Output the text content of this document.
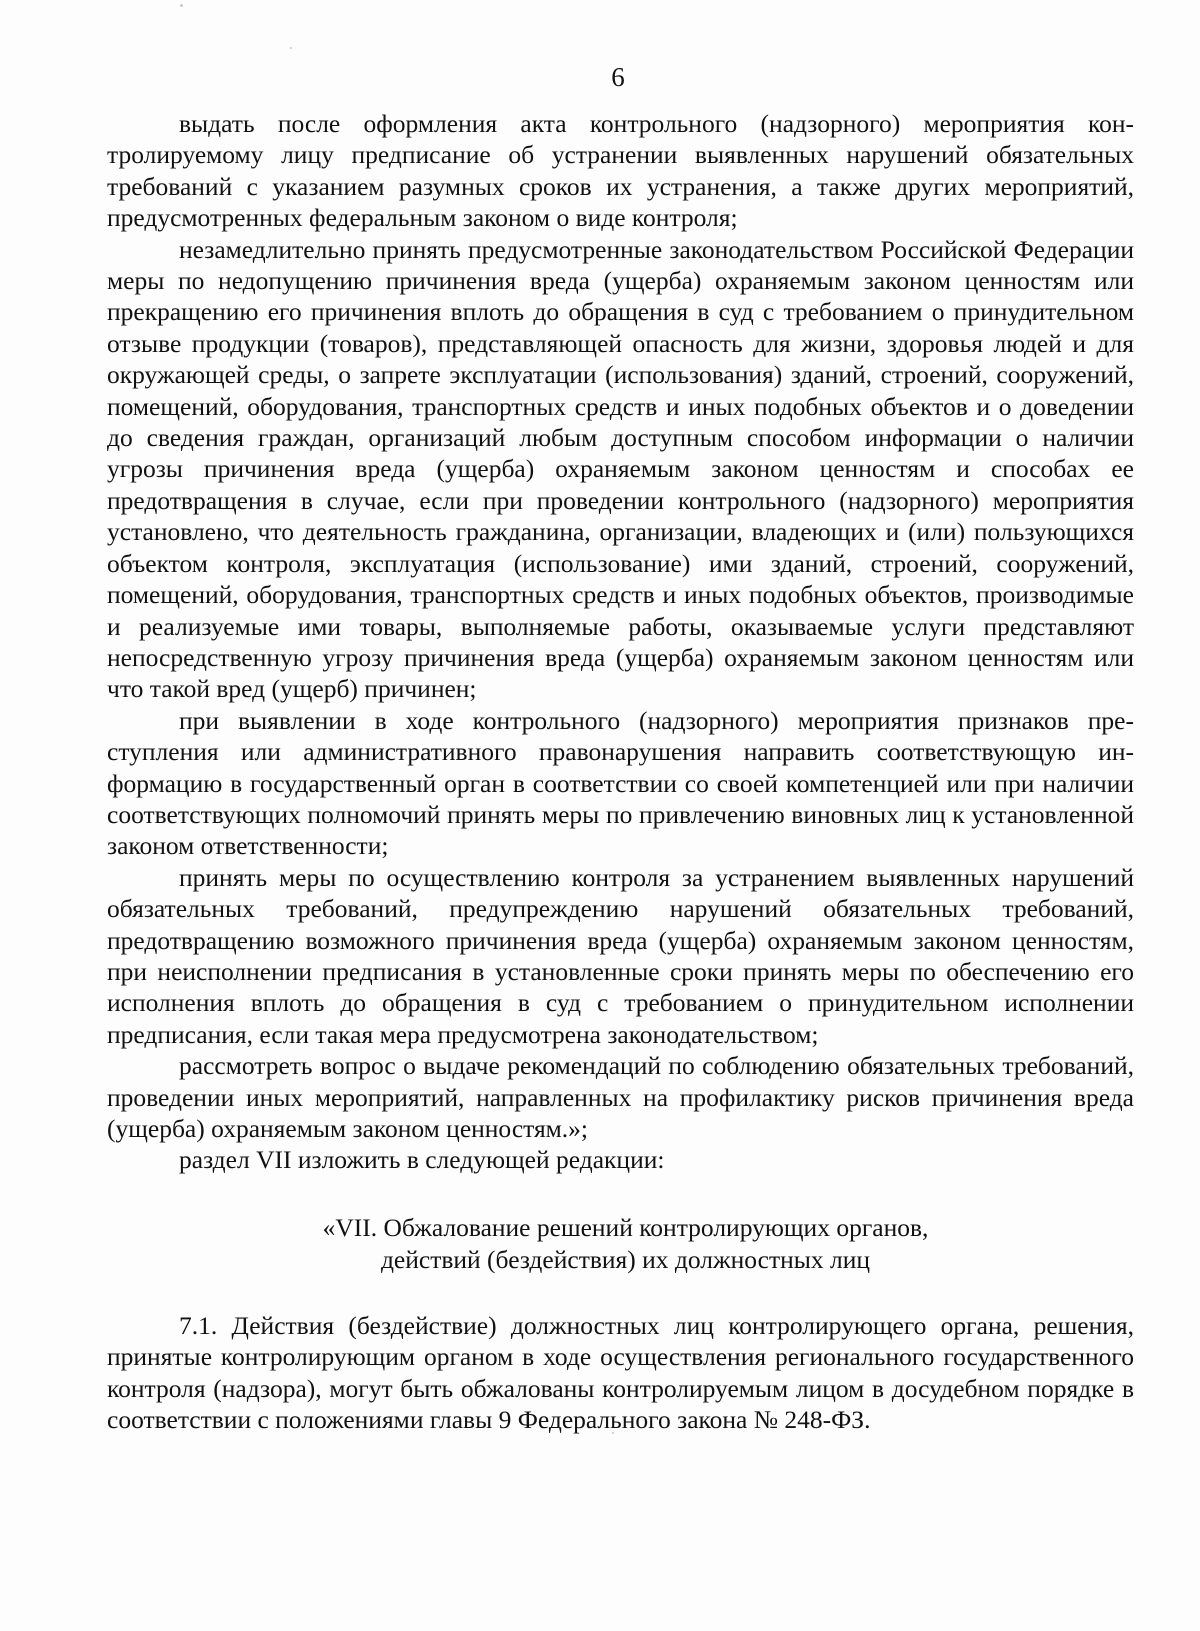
6

выдать после оформления акта контрольного (надзорного) мероприятия контролируемому лицу предписание об устранении выявленных нарушений обязательных требований с указанием разумных сроков их устранения, а также других мероприятий, предусмотренных федеральным законом о виде контроля;

незамедлительно принять предусмотренные законодательством Российской Федерации меры по недопущению причинения вреда (ущерба) охраняемым законом ценностям или прекращению его причинения вплоть до обращения в суд с требованием о принудительном отзыве продукции (товаров), представляющей опасность для жизни, здоровья людей и для окружающей среды, о запрете эксплуатации (использования) зданий, строений, сооружений, помещений, оборудования, транспортных средств и иных подобных объектов и о доведении до сведения граждан, организаций любым доступным способом информации о наличии угрозы причинения вреда (ущерба) охраняемым законом ценностям и способах ее предотвращения в случае, если при проведении контрольного (надзорного) мероприятия установлено, что деятельность гражданина, организации, владеющих и (или) пользующихся объектом контроля, эксплуатация (использование) ими зданий, строений, сооружений, помещений, оборудования, транспортных средств и иных подобных объектов, производимые и реализуемые ими товары, выполняемые работы, оказываемые услуги представляют непосредственную угрозу причинения вреда (ущерба) охраняемым законом ценностям или что такой вред (ущерб) причинен;

при выявлении в ходе контрольного (надзорного) мероприятия признаков преступления или административного правонарушения направить соответствующую информацию в государственный орган в соответствии со своей компетенцией или при наличии соответствующих полномочий принять меры по привлечению виновных лиц к установленной законом ответственности;

принять меры по осуществлению контроля за устранением выявленных нарушений обязательных требований, предупреждению нарушений обязательных требований, предотвращению возможного причинения вреда (ущерба) охраняемым законом ценностям, при неисполнении предписания в установленные сроки принять меры по обеспечению его исполнения вплоть до обращения в суд с требованием о принудительном исполнении предписания, если такая мера предусмотрена законодательством;

рассмотреть вопрос о выдаче рекомендаций по соблюдению обязательных требований, проведении иных мероприятий, направленных на профилактику рисков причинения вреда (ущерба) охраняемым законом ценностям.»;

раздел VII изложить в следующей редакции:

«VII. Обжалование решений контролирующих органов,
действий (бездействия) их должностных лиц

7.1. Действия (бездействие) должностных лиц контролирующего органа, решения, принятые контролирующим органом в ходе осуществления регионального государственного контроля (надзора), могут быть обжалованы контролируемым лицом в досудебном порядке в соответствии с положениями главы 9 Федерального закона № 248-ФЗ.
